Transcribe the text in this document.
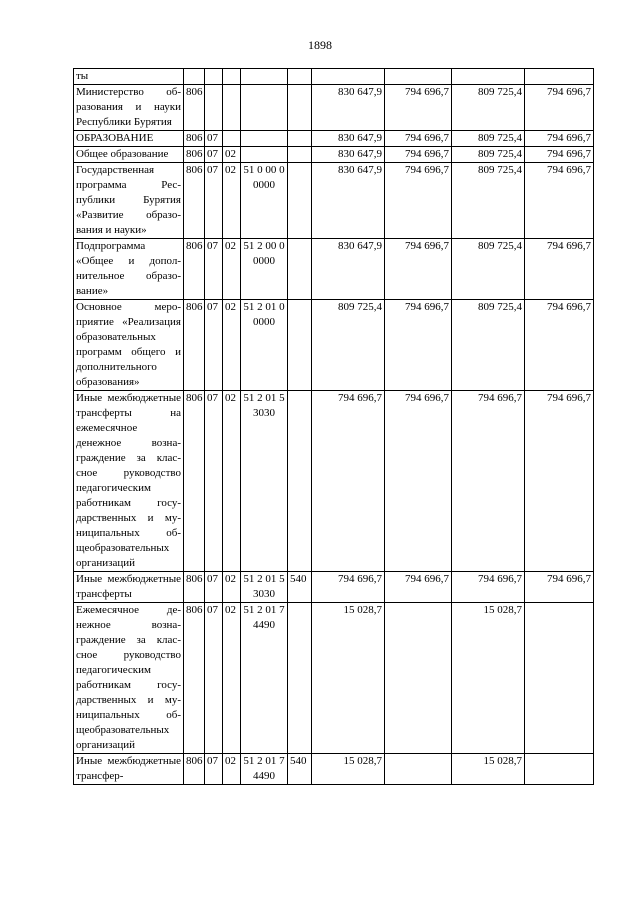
1898
ты									
Министерство образования и науки Республики Бурятия	806					830 647,9	794 696,7	809 725,4	794 696,7
ОБРАЗОВАНИЕ	806	07				830 647,9	794 696,7	809 725,4	794 696,7
Общее образование	806	07	02			830 647,9	794 696,7	809 725,4	794 696,7
Государственная программа Республики Бурятия «Развитие образования и науки»	806	07	02	51 0 00 00000		830 647,9	794 696,7	809 725,4	794 696,7
Подпрограмма «Общее и дополнительное образование»	806	07	02	51 2 00 00000		830 647,9	794 696,7	809 725,4	794 696,7
Основное мероприятие «Реализация образовательных программ общего и дополнительного образования»	806	07	02	51 2 01 00000		809 725,4	794 696,7	809 725,4	794 696,7
Иные межбюджетные трансферты на ежемесячное денежное вознаграждение за классное руководство педагогическим работникам государственных и муниципальных общеобразовательных организаций	806	07	02	51 2 01 53030		794 696,7	794 696,7	794 696,7	794 696,7
Иные межбюджетные трансферты	806	07	02	51 2 01 53030	540	794 696,7	794 696,7	794 696,7	794 696,7
Ежемесячное денежное вознаграждение за классное руководство педагогическим работникам государственных и муниципальных общеобразовательных организаций	806	07	02	51 2 01 74490		15 028,7		15 028,7	
Иные межбюджетные трансфер-	806	07	02	51 2 01 74490	540	15 028,7		15 028,7	
